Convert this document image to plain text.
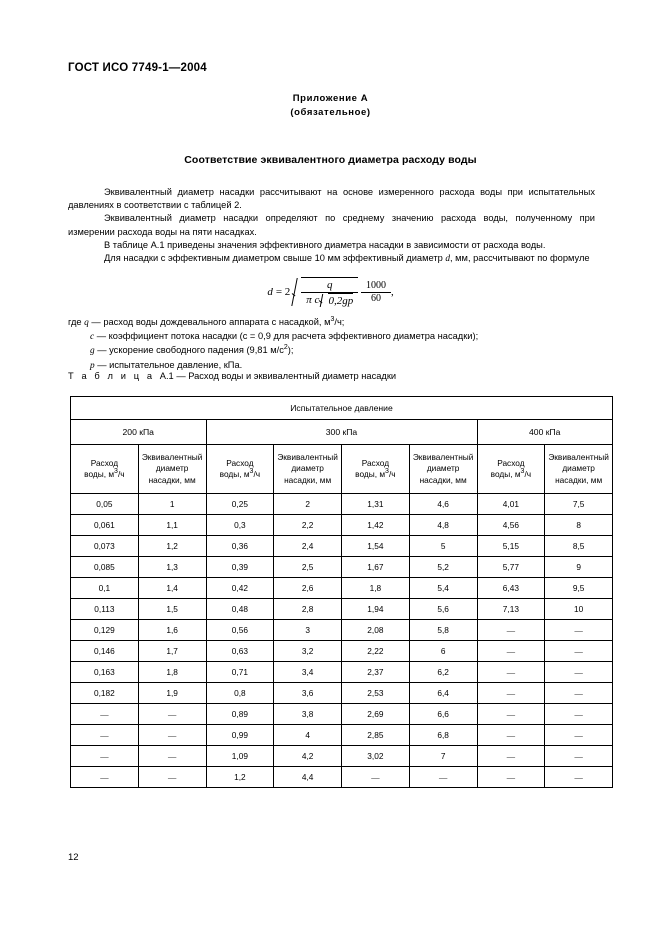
ГОСТ ИСО 7749-1—2004
Приложение А
(обязательное)
Соответствие эквивалентного диаметра расходу воды

Эквивалентный диаметр насадки рассчитывают на основе измеренного расхода воды при испытательных давлениях в соответствии с таблицей 2.

Эквивалентный диаметр насадки определяют по среднему значению расхода воды, полученному при измерении расхода воды на пяти насадках.

В таблице А.1 приведены значения эффективного диаметра насадки в зависимости от расхода воды.

Для насадки с эффективным диаметром свыше 10 мм эффективный диаметр d, мм, рассчитывают по формуле

$d = 2 \frac{q}{\text{π c 0,2gp}}$
$\frac{1000}{60}$ ,

где q — расход воды дождевального аппарата с насадкой, $м^3/ч$;

c — коэффициент потока насадки (c = 0,9 для расчета эффективного диаметра насадки);

g — ускорение свободного падения (9,81 $м/с^2$);

p — испытательное давление, кПа.

Т а б л и ц а А.1 — Расход воды и эквивалентный диаметр насадки
Испытательное давление							
200 кПа		300 кПа				400 кПа	
Расход
воды, $м^3/ч$	Эквивалентный
диаметр
насадки, мм	Расход
воды, $м^3/ч$	Эквивалентный
диаметр
насадки, мм	Расход
воды, $м^3/ч$	Эквивалентный
диаметр
насадки, мм	Расход
воды, $м^3/ч$	Эквивалентный
диаметр
насадки, мм
0,05	1	0,25	2	1,31	4,6	4,01	7,5
0,061	1,1	0,3	2,2	1,42	4,8	4,56	8
0,073	1,2	0,36	2,4	1,54	5	5,15	8,5
0,085	1,3	0,39	2,5	1,67	5,2	5,77	9
0,1	1,4	0,42	2,6	1,8	5,4	6,43	9,5
0,113	1,5	0,48	2,8	1,94	5,6	7,13	10
0,129	1,6	0,56	3	2,08	5,8	—	—
0,146	1,7	0,63	3,2	2,22	6	—	—
0,163	1,8	0,71	3,4	2,37	6,2	—	—
0,182	1,9	0,8	3,6	2,53	6,4	—	—
—	—	0,89	3,8	2,69	6,6	—	—
—	—	0,99	4	2,85	6,8	—	—
—	—	1,09	4,2	3,02	7	—	—
—	—	1,2	4,4	—	—	—	—
12
